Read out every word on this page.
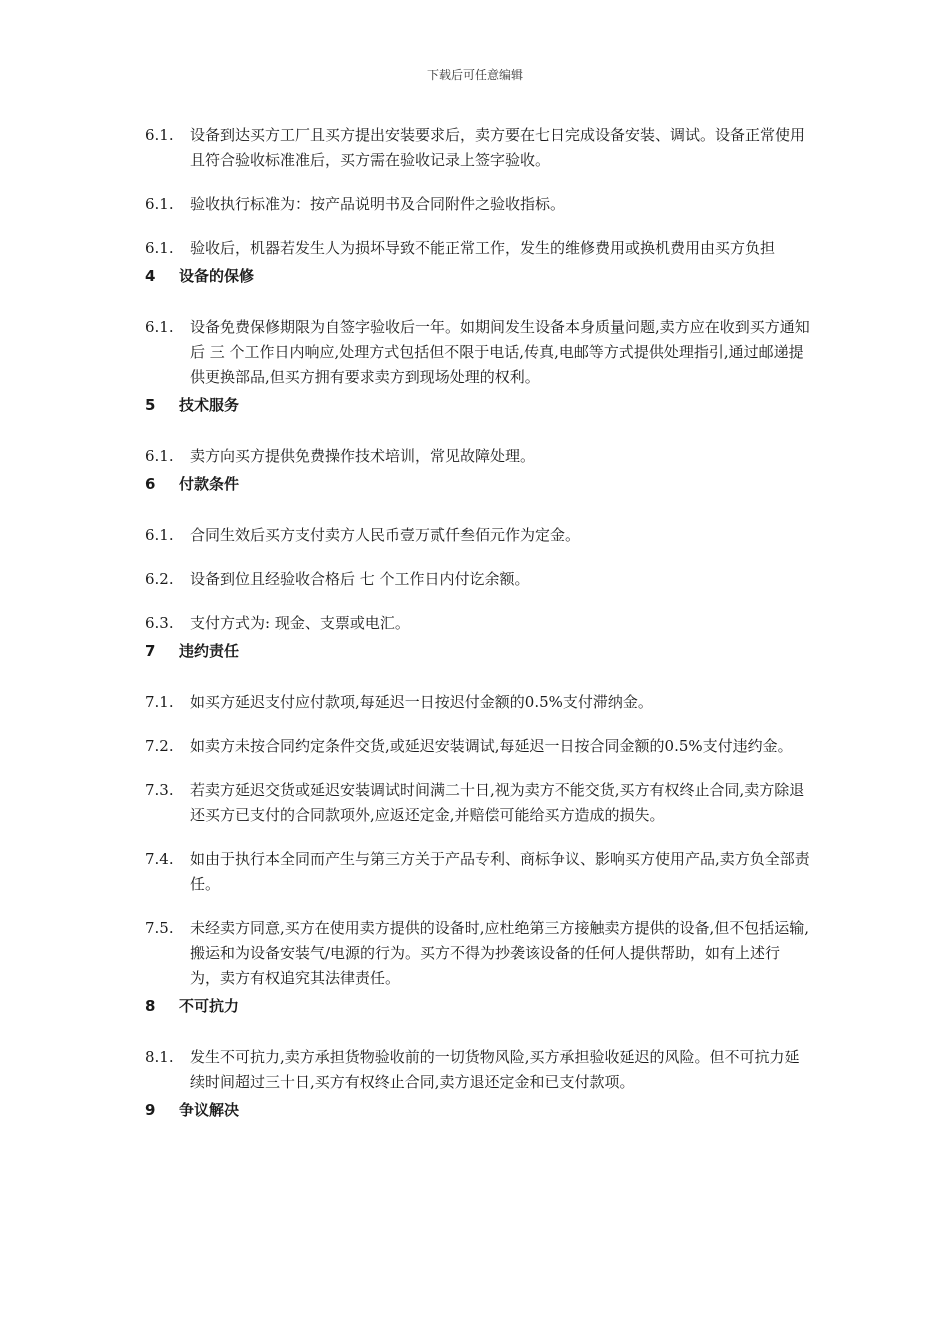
下载后可任意编辑
6.1.	设备到达买方工厂且买方提出安装要求后，卖方要在七日完成设备安装、调试。设备正常使用且符合验收标准准后，买方需在验收记录上签字验收。
6.1.	验收执行标准为：按产品说明书及合同附件之验收指标。
6.1.	验收后，机器若发生人为损坏导致不能正常工作，发生的维修费用或换机费用由买方负担
4	设备的保修
6.1.	设备免费保修期限为自签字验收后一年。如期间发生设备本身质量问题,卖方应在收到买方通知后 三 个工作日内响应,处理方式包括但不限于电话,传真,电邮等方式提供处理指引,通过邮递提供更换部品,但买方拥有要求卖方到现场处理的权利。
5	技术服务
6.1.	卖方向买方提供免费操作技术培训，常见故障处理。
6	付款条件
6.1.	合同生效后买方支付卖方人民币壹万贰仟叁佰元作为定金。
6.2.	设备到位且经验收合格后 七 个工作日内付讫余额。
6.3.	支付方式为: 现金、支票或电汇。
7	违约责任
7.1.	如买方延迟支付应付款项,每延迟一日按迟付金额的0.5%支付滞纳金。
7.2.	如卖方未按合同约定条件交货,或延迟安装调试,每延迟一日按合同金额的0.5%支付违约金。
7.3.	若卖方延迟交货或延迟安装调试时间满二十日,视为卖方不能交货,买方有权终止合同,卖方除退还买方已支付的合同款项外,应返还定金,并赔偿可能给买方造成的损失。
7.4.	如由于执行本全同而产生与第三方关于产品专利、商标争议、影响买方使用产品,卖方负全部责任。
7.5.	未经卖方同意,买方在使用卖方提供的设备时,应杜绝第三方接触卖方提供的设备,但不包括运输,搬运和为设备安装气/电源的行为。买方不得为抄袭该设备的任何人提供帮助，如有上述行为，卖方有权追究其法律责任。
8	不可抗力
8.1.	发生不可抗力,卖方承担货物验收前的一切货物风险,买方承担验收延迟的风险。但不可抗力延续时间超过三十日,买方有权终止合同,卖方退还定金和已支付款项。
9	争议解决
